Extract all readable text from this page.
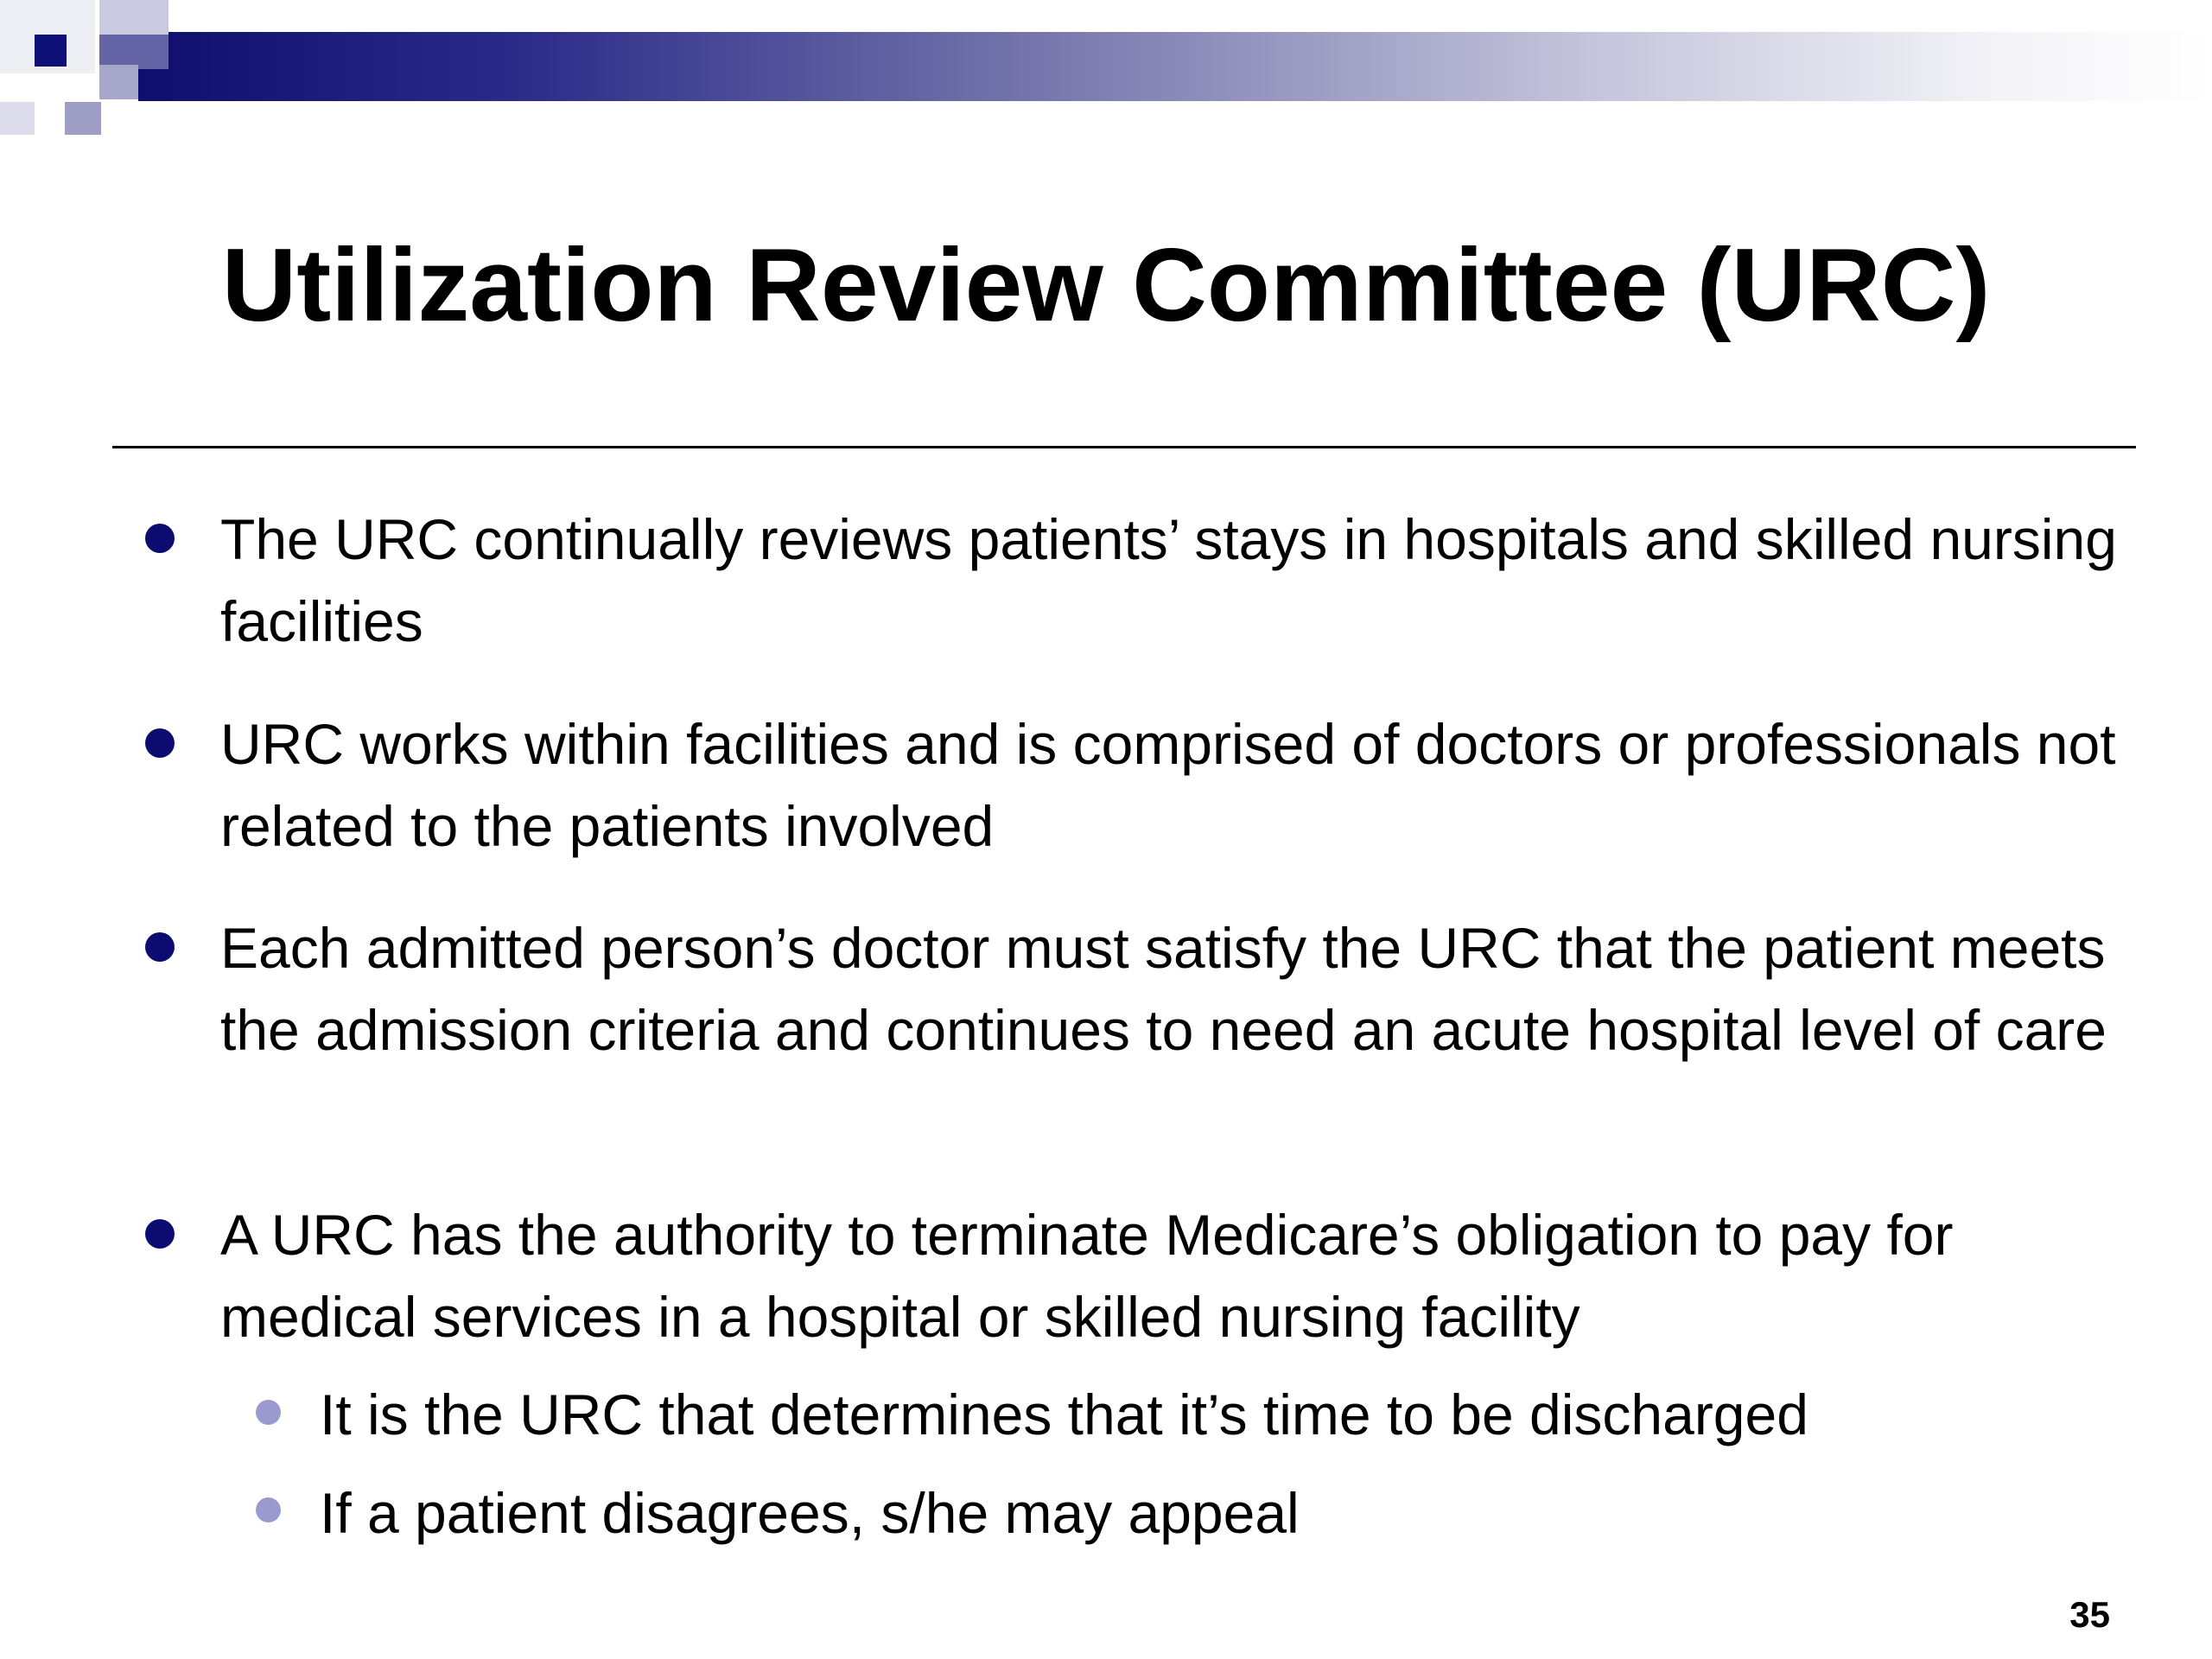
Utilization Review Committee (URC)
The URC continually reviews patients’ stays in hospitals and skilled nursing facilities
URC works within facilities and is comprised of doctors or professionals not related to the patients involved
Each admitted person’s doctor must satisfy the URC that the patient meets the admission criteria and continues to need an acute hospital level of care
A URC has the authority to terminate Medicare’s obligation to pay for medical services in a hospital or skilled nursing facility
It is the URC that determines that it’s time to be discharged
If a patient disagrees, s/he may appeal
35
